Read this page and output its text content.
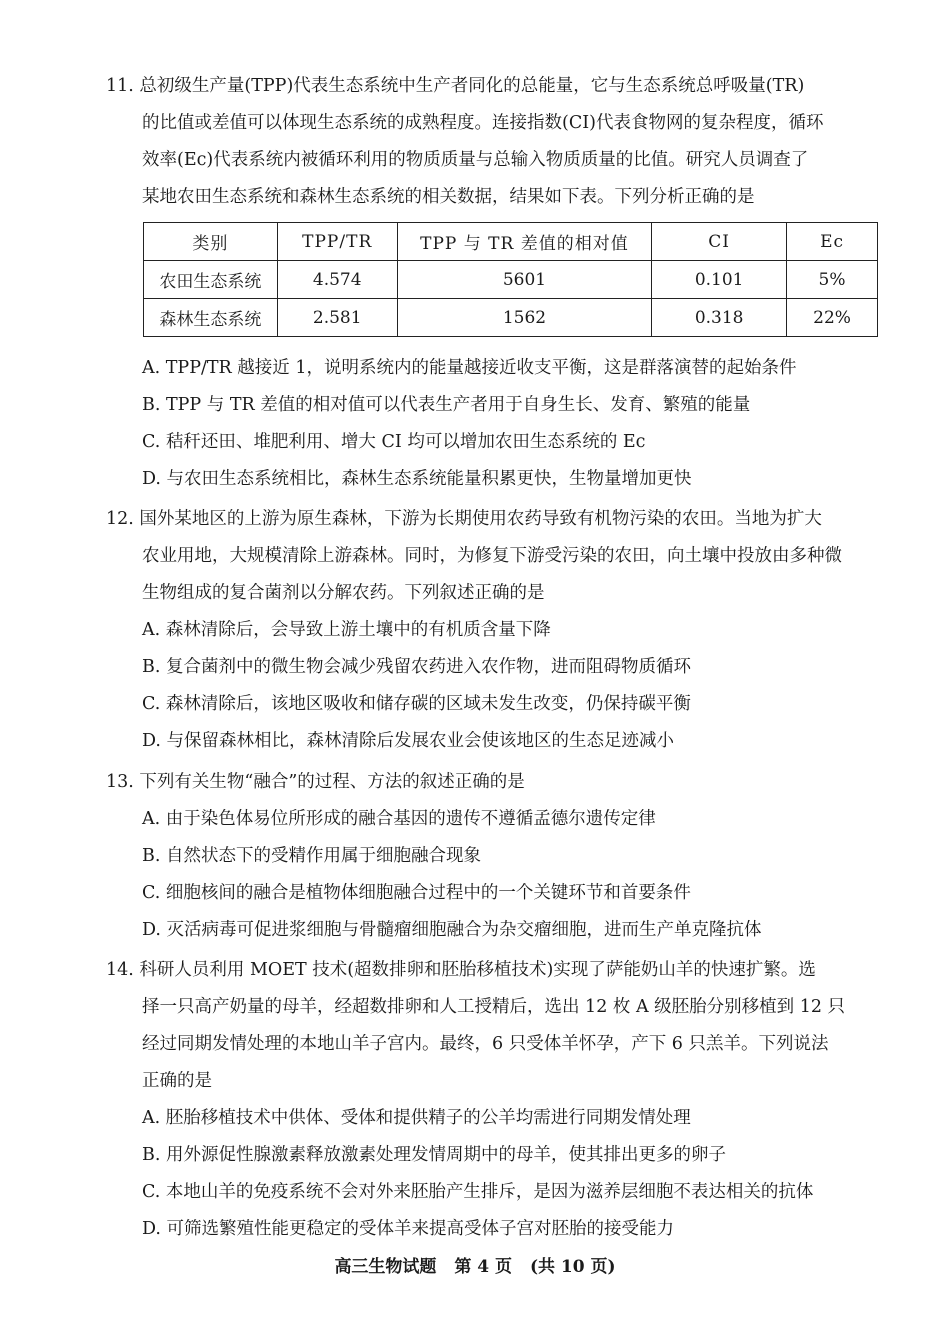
11. 总初级生产量(TPP)代表生态系统中生产者同化的总能量，它与生态系统总呼吸量(TR)
的比值或差值可以体现生态系统的成熟程度。连接指数(CI)代表食物网的复杂程度，循环
效率(Ec)代表系统内被循环利用的物质质量与总输入物质质量的比值。研究人员调查了
某地农田生态系统和森林生态系统的相关数据，结果如下表。下列分析正确的是
类别	TPP/TR	TPP 与 TR 差值的相对值	CI	Ec
农田生态系统	4.574	5601	0.101	5%
森林生态系统	2.581	1562	0.318	22%
A. TPP/TR 越接近 1，说明系统内的能量越接近收支平衡，这是群落演替的起始条件
B. TPP 与 TR 差值的相对值可以代表生产者用于自身生长、发育、繁殖的能量
C. 秸秆还田、堆肥利用、增大 CI 均可以增加农田生态系统的 Ec
D. 与农田生态系统相比，森林生态系统能量积累更快，生物量增加更快
12. 国外某地区的上游为原生森林，下游为长期使用农药导致有机物污染的农田。当地为扩大
农业用地，大规模清除上游森林。同时，为修复下游受污染的农田，向土壤中投放由多种微
生物组成的复合菌剂以分解农药。下列叙述正确的是
A. 森林清除后，会导致上游土壤中的有机质含量下降
B. 复合菌剂中的微生物会减少残留农药进入农作物，进而阻碍物质循环
C. 森林清除后，该地区吸收和储存碳的区域未发生改变，仍保持碳平衡
D. 与保留森林相比，森林清除后发展农业会使该地区的生态足迹减小
13. 下列有关生物“融合”的过程、方法的叙述正确的是
A. 由于染色体易位所形成的融合基因的遗传不遵循孟德尔遗传定律
B. 自然状态下的受精作用属于细胞融合现象
C. 细胞核间的融合是植物体细胞融合过程中的一个关键环节和首要条件
D. 灭活病毒可促进浆细胞与骨髓瘤细胞融合为杂交瘤细胞，进而生产单克隆抗体
14. 科研人员利用 MOET 技术(超数排卵和胚胎移植技术)实现了萨能奶山羊的快速扩繁。选
择一只高产奶量的母羊，经超数排卵和人工授精后，选出 12 枚 A 级胚胎分别移植到 12 只
经过同期发情处理的本地山羊子宫内。最终，6 只受体羊怀孕，产下 6 只羔羊。下列说法
正确的是
A. 胚胎移植技术中供体、受体和提供精子的公羊均需进行同期发情处理
B. 用外源促性腺激素释放激素处理发情周期中的母羊，使其排出更多的卵子
C. 本地山羊的免疫系统不会对外来胚胎产生排斥，是因为滋养层细胞不表达相关的抗体
D. 可筛选繁殖性能更稳定的受体羊来提高受体子宫对胚胎的接受能力
高三生物试题 第 4 页 (共 10 页)
